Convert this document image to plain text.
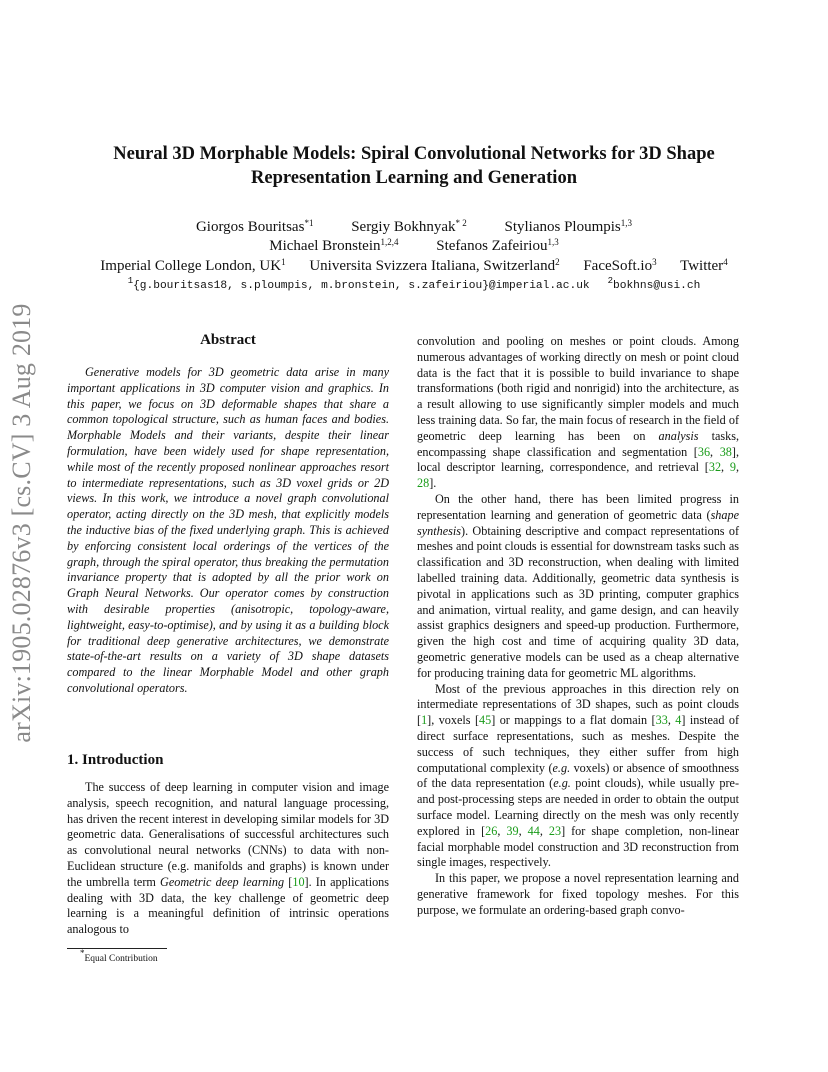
arXiv:1905.02876v3 [cs.CV] 3 Aug 2019
Neural 3D Morphable Models: Spiral Convolutional Networks for 3D Shape
Representation Learning and Generation
Giorgos Bouritsas$^{*1}$	Sergiy Bokhnyak$^{* 2}$	Stylianos Ploumpis$^{1,3}$
Michael Bronstein$^{1,2,4}$	Stefanos Zafeiriou$^{1,3}$
Imperial College London, $UK^1$ Universita Svizzera Italiana, Switzerland$^2$ $FaceSoft.io^3$ Twitter$^4$
$^1${g.bouritsas18, s.ploumpis, m.bronstein, s.zafeiriou}@imperial.ac.uk $^2$bokhns@usi.ch
Abstract
Generative models for 3D geometric data arise in many important applications in 3D computer vision and graphics. In this paper, we focus on 3D deformable shapes that share a common topological structure, such as human faces and bodies. Morphable Models and their variants, despite their linear formulation, have been widely used for shape representation, while most of the recently proposed nonlinear approaches resort to intermediate representations, such as 3D voxel grids or 2D views. In this work, we introduce a novel graph convolutional operator, acting directly on the 3D mesh, that explicitly models the inductive bias of the fixed underlying graph. This is achieved by enforcing consistent local orderings of the vertices of the graph, through the spiral operator, thus breaking the permutation invariance property that is adopted by all the prior work on Graph Neural Networks. Our operator comes by construction with desirable properties (anisotropic, topology-aware, lightweight, easy-to-optimise), and by using it as a building block for traditional deep generative architectures, we demonstrate state-of-the-art results on a variety of 3D shape datasets compared to the linear Morphable Model and other graph convolutional operators.
1. Introduction
The success of deep learning in computer vision and image analysis, speech recognition, and natural language processing, has driven the recent interest in developing similar models for 3D geometric data. Generalisations of successful architectures such as convolutional neural networks (CNNs) to data with non-Euclidean structure (e.g. manifolds and graphs) is known under the umbrella term Geometric deep learning [10]. In applications dealing with 3D data, the key challenge of geometric deep learning is a meaningful definition of intrinsic operations analogous to
*Equal Contribution
convolution and pooling on meshes or point clouds. Among numerous advantages of working directly on mesh or point cloud data is the fact that it is possible to build invariance to shape transformations (both rigid and nonrigid) into the architecture, as a result allowing to use significantly simpler models and much less training data. So far, the main focus of research in the field of geometric deep learning has been on analysis tasks, encompassing shape classification and segmentation [36, 38], local descriptor learning, correspondence, and retrieval [32, 9, 28].
On the other hand, there has been limited progress in representation learning and generation of geometric data (shape synthesis). Obtaining descriptive and compact representations of meshes and point clouds is essential for downstream tasks such as classification and 3D reconstruction, when dealing with limited labelled training data. Additionally, geometric data synthesis is pivotal in applications such as 3D printing, computer graphics and animation, virtual reality, and game design, and can heavily assist graphics designers and speed-up production. Furthermore, given the high cost and time of acquiring quality 3D data, geometric generative models can be used as a cheap alternative for producing training data for geometric ML algorithms.
Most of the previous approaches in this direction rely on intermediate representations of 3D shapes, such as point clouds [1], voxels [45] or mappings to a flat domain [33, 4] instead of direct surface representations, such as meshes. Despite the success of such techniques, they either suffer from high computational complexity (e.g. voxels) or absence of smoothness of the data representation (e.g. point clouds), while usually pre- and post-processing steps are needed in order to obtain the output surface model. Learning directly on the mesh was only recently explored in [26, 39, 44, 23] for shape completion, non-linear facial morphable model construction and 3D reconstruction from single images, respectively.
In this paper, we propose a novel representation learning and generative framework for fixed topology meshes. For this purpose, we formulate an ordering-based graph convo-
